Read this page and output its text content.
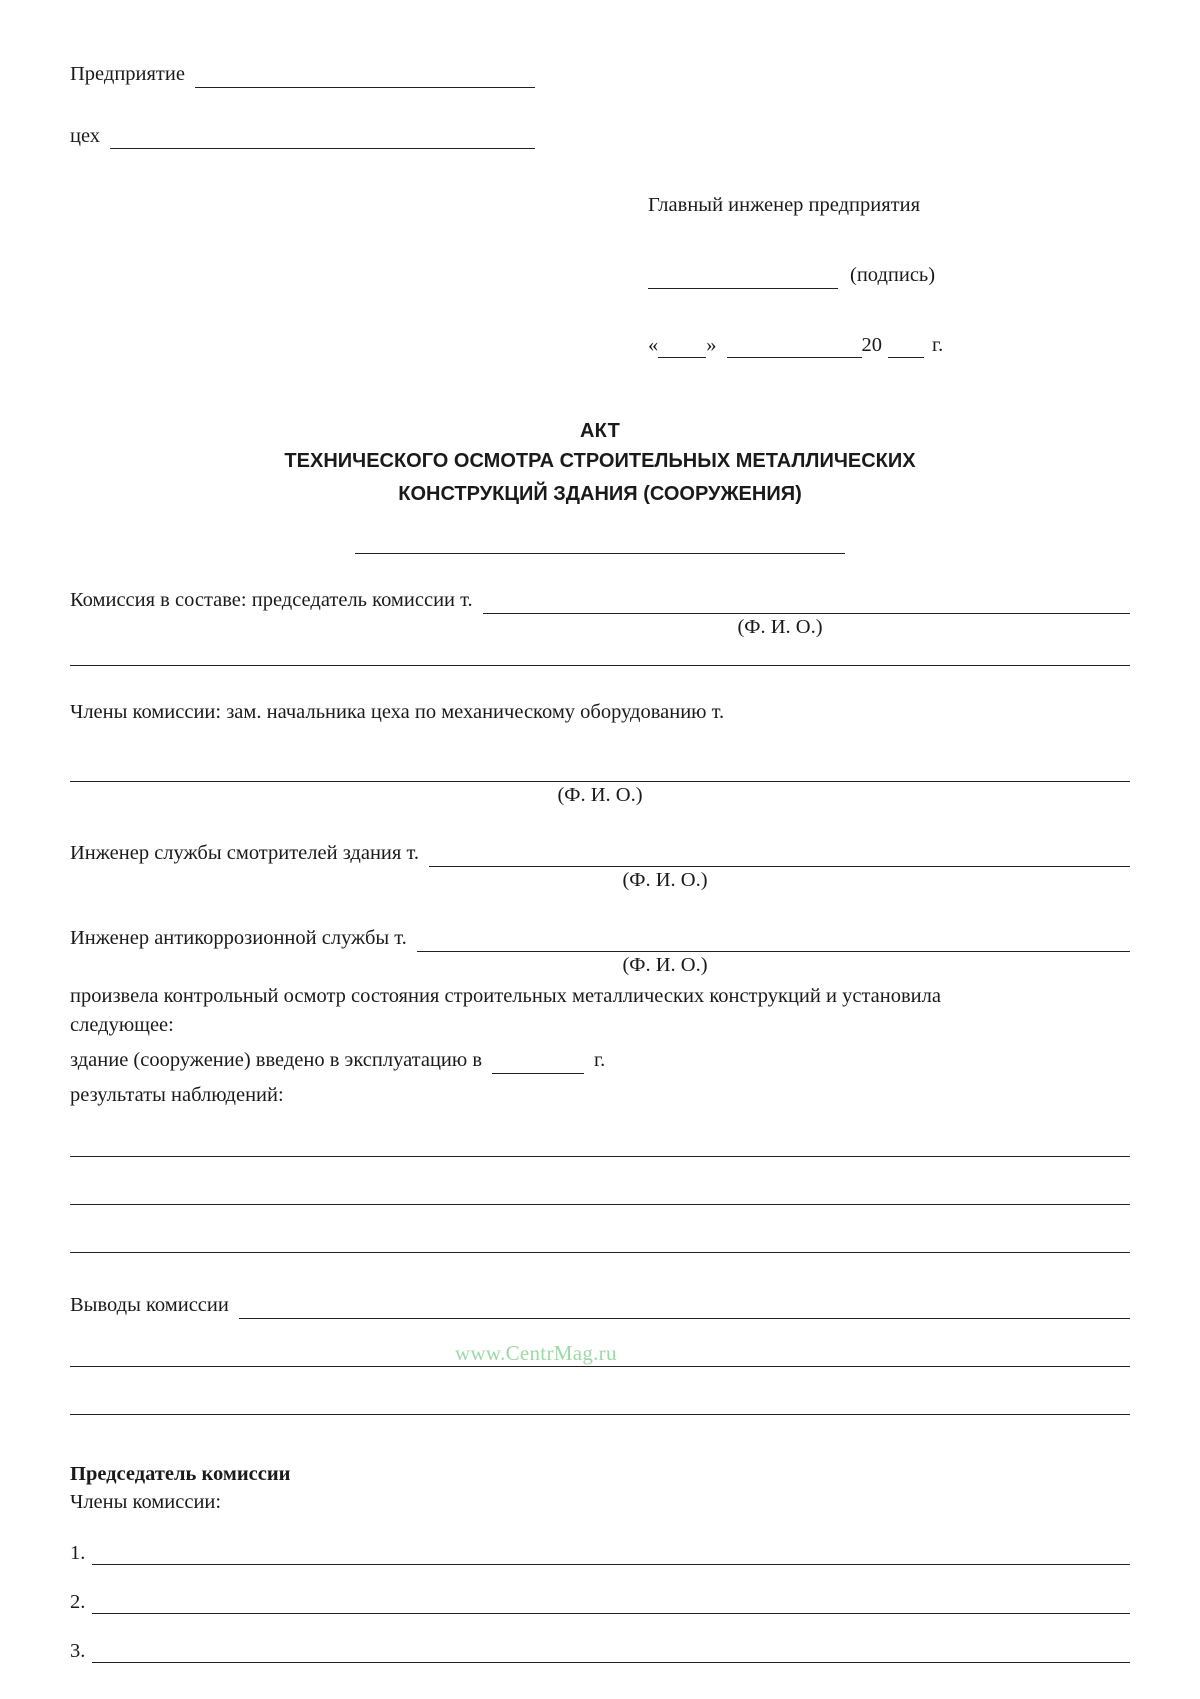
Предприятие
цех
Главный инженер предприятия
(подпись)
« »	20 г.
АКТ
ТЕХНИЧЕСКОГО ОСМОТРА СТРОИТЕЛЬНЫХ МЕТАЛЛИЧЕСКИХ
КОНСТРУКЦИЙ ЗДАНИЯ (СООРУЖЕНИЯ)
Комиссия в составе: председатель комиссии т.
(Ф. И. О.)
Члены комиссии: зам. начальника цеха по механическому оборудованию т.
(Ф. И. О.)
Инженер службы смотрителей здания т.
(Ф. И. О.)
Инженер антикоррозионной службы т.
(Ф. И. О.)
произвела контрольный осмотр состояния строительных металлических конструкций и установила
следующее:
здание (сооружение) введено в эксплуатацию в	г.
результаты наблюдений:
Выводы комиссии
Председатель комиссии
Члены комиссии:
1.
2.
3.
www.CentrMag.ru
